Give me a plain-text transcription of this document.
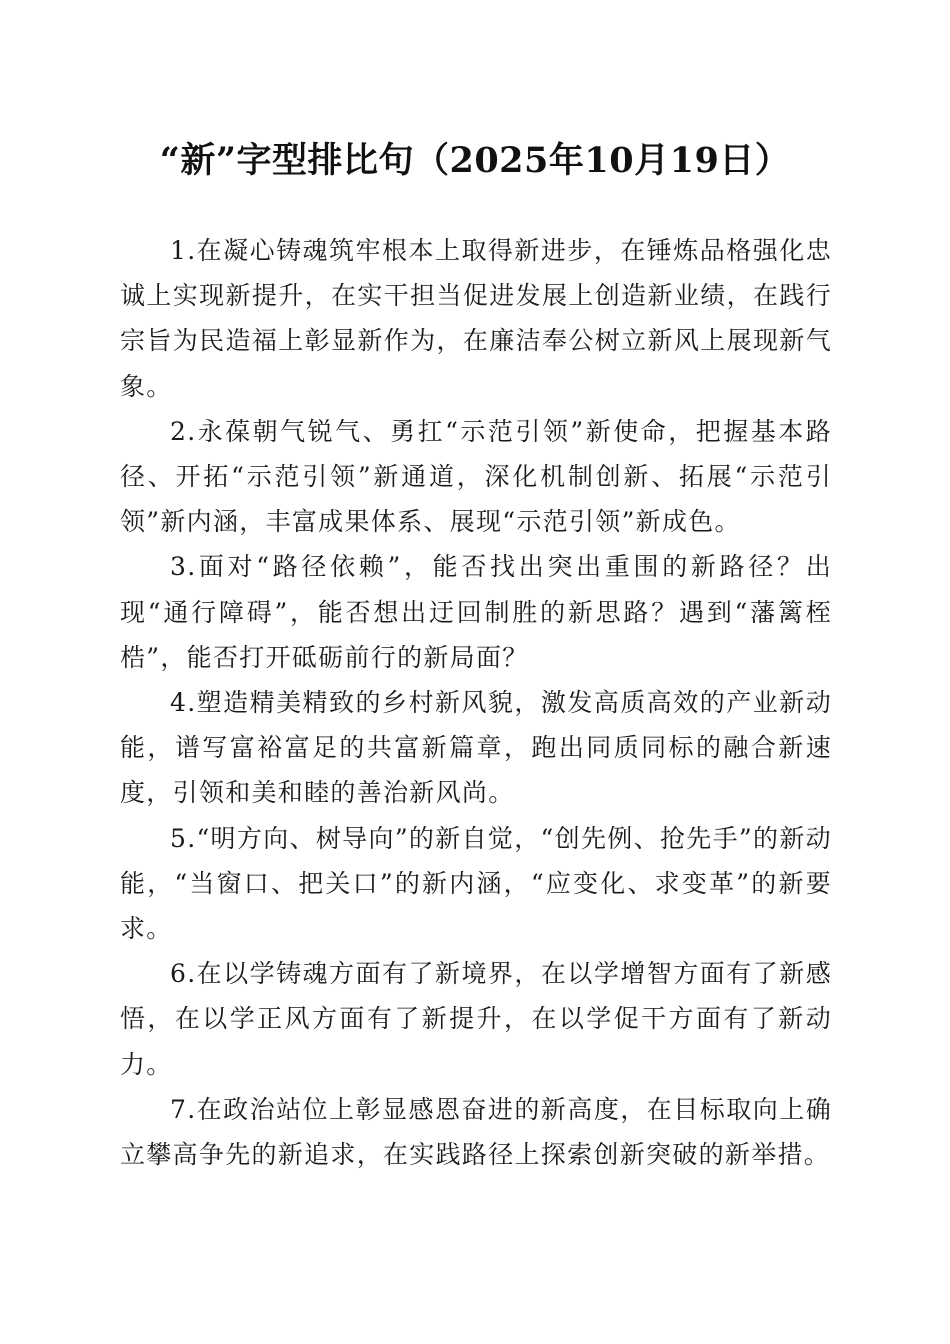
“新”字型排比句（2025年10月19日）

1.在凝心铸魂筑牢根本上取得新进步，在锤炼品格强化忠诚上实现新提升，在实干担当促进发展上创造新业绩，在践行宗旨为民造福上彰显新作为，在廉洁奉公树立新风上展现新气象。

2.永葆朝气锐气、勇扛“示范引领”新使命，把握基本路径、开拓“示范引领”新通道，深化机制创新、拓展“示范引领”新内涵，丰富成果体系、展现“示范引领”新成色。

3.面对“路径依赖”，能否找出突出重围的新路径？出现“通行障碍”，能否想出迂回制胜的新思路？遇到“藩篱桎梏”，能否打开砥砺前行的新局面？

4.塑造精美精致的乡村新风貌，激发高质高效的产业新动能，谱写富裕富足的共富新篇章，跑出同质同标的融合新速度，引领和美和睦的善治新风尚。

5.“明方向、树导向”的新自觉，“创先例、抢先手”的新动能，“当窗口、把关口”的新内涵，“应变化、求变革”的新要求。

6.在以学铸魂方面有了新境界，在以学增智方面有了新感悟，在以学正风方面有了新提升，在以学促干方面有了新动力。

7.在政治站位上彰显感恩奋进的新高度，在目标取向上确立攀高争先的新追求，在实践路径上探索创新突破的新举措。
